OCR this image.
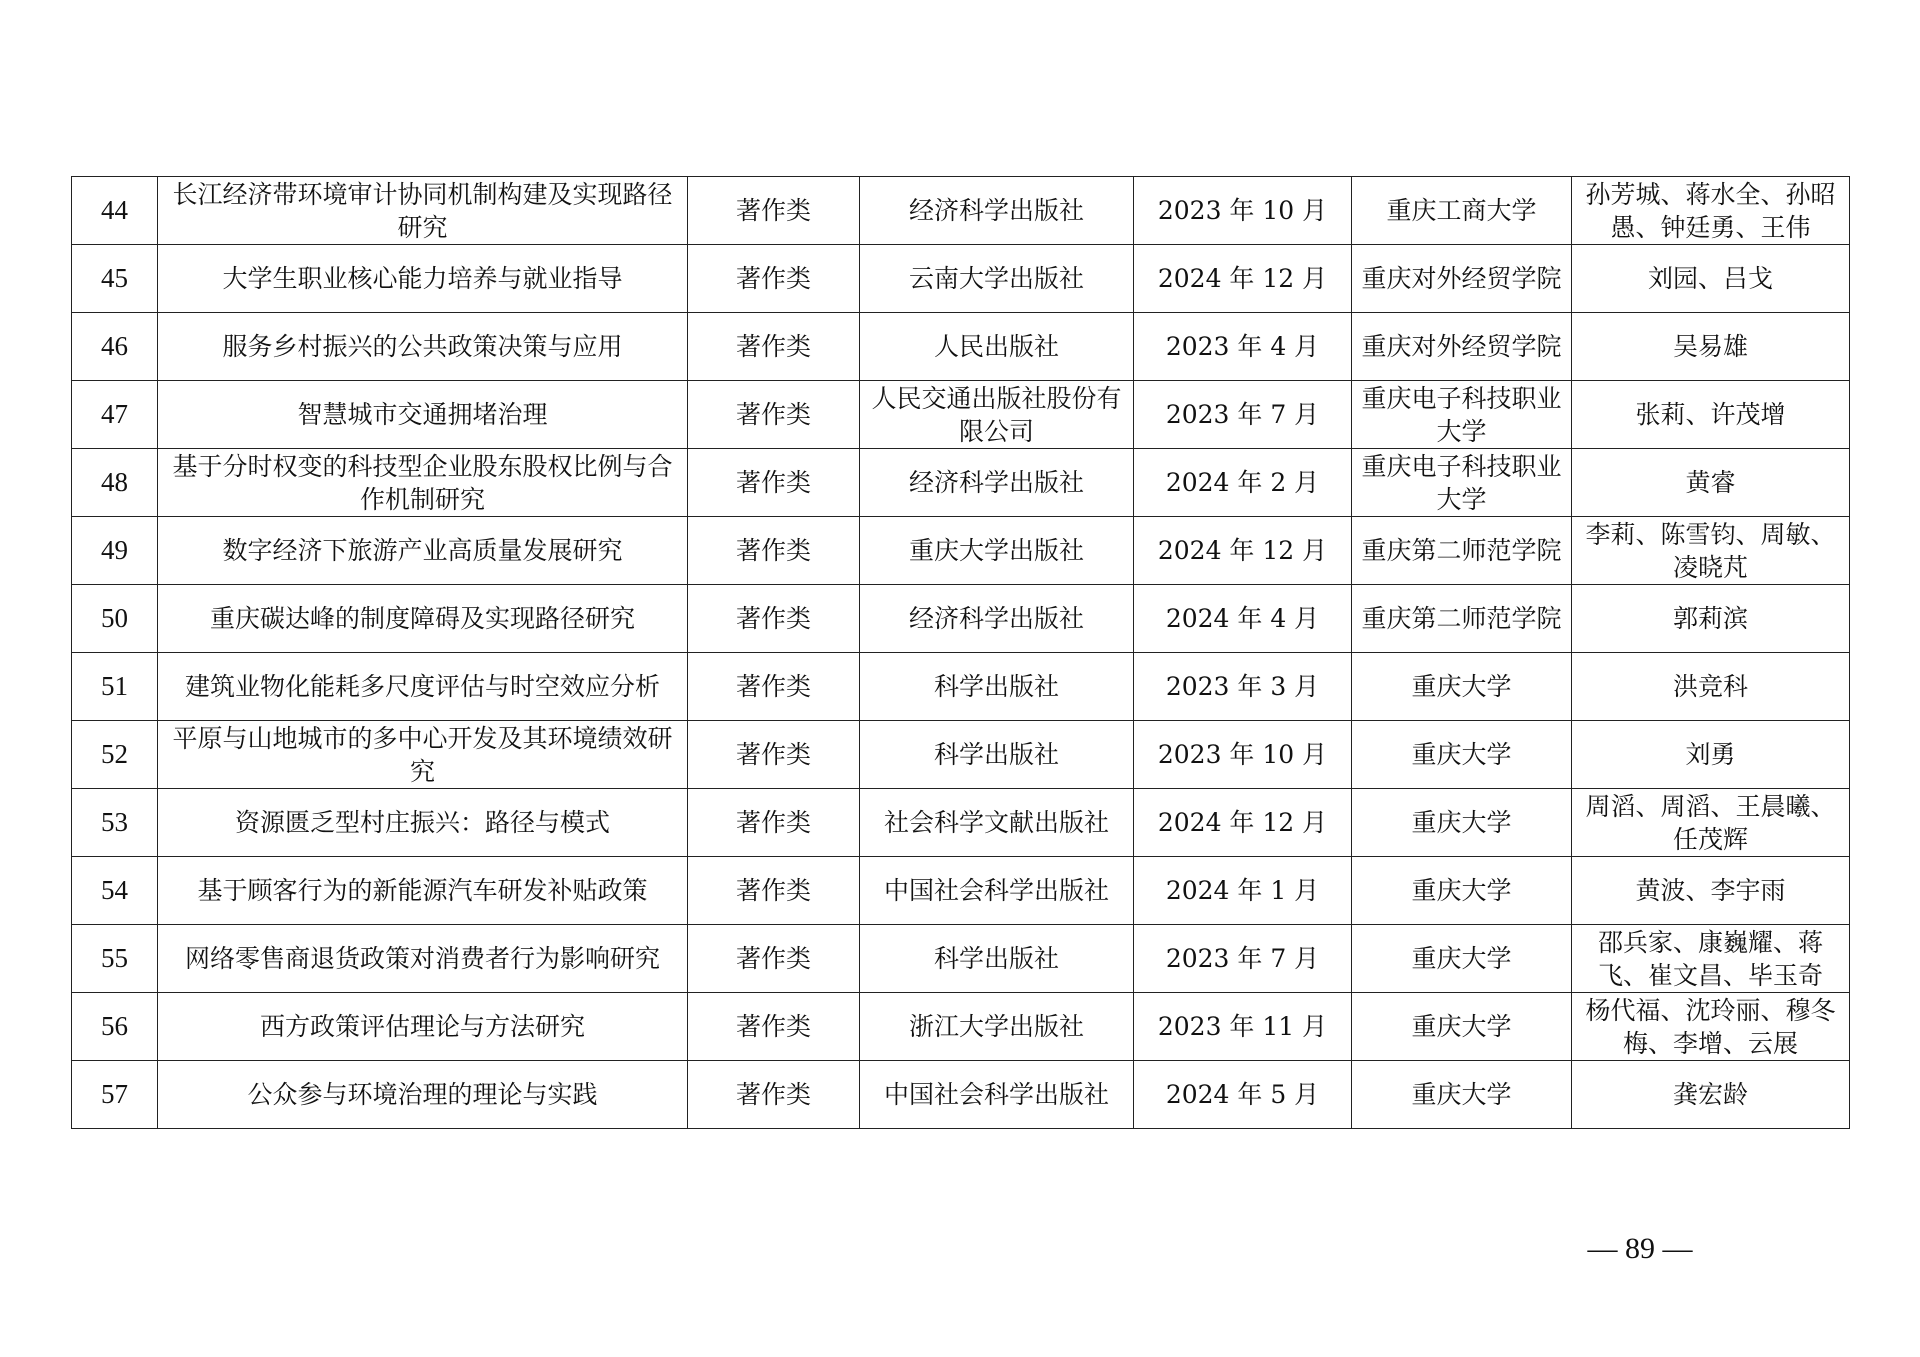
44	长江经济带环境审计协同机制构建及实现路径研究	著作类	经济科学出版社	2023 年 10 月	重庆工商大学	孙芳城、蒋水全、孙昭愚、钟廷勇、王伟
45	大学生职业核心能力培养与就业指导	著作类	云南大学出版社	2024 年 12 月	重庆对外经贸学院	刘园、吕戈
46	服务乡村振兴的公共政策决策与应用	著作类	人民出版社	2023 年 4 月	重庆对外经贸学院	吴易雄
47	智慧城市交通拥堵治理	著作类	人民交通出版社股份有限公司	2023 年 7 月	重庆电子科技职业大学	张莉、许茂增
48	基于分时权变的科技型企业股东股权比例与合作机制研究	著作类	经济科学出版社	2024 年 2 月	重庆电子科技职业大学	黄睿
49	数字经济下旅游产业高质量发展研究	著作类	重庆大学出版社	2024 年 12 月	重庆第二师范学院	李莉、陈雪钧、周敏、凌晓芃
50	重庆碳达峰的制度障碍及实现路径研究	著作类	经济科学出版社	2024 年 4 月	重庆第二师范学院	郭莉滨
51	建筑业物化能耗多尺度评估与时空效应分析	著作类	科学出版社	2023 年 3 月	重庆大学	洪竞科
52	平原与山地城市的多中心开发及其环境绩效研究	著作类	科学出版社	2023 年 10 月	重庆大学	刘勇
53	资源匮乏型村庄振兴：路径与模式	著作类	社会科学文献出版社	2024 年 12 月	重庆大学	周滔、周滔、王晨曦、任茂辉
54	基于顾客行为的新能源汽车研发补贴政策	著作类	中国社会科学出版社	2024 年 1 月	重庆大学	黄波、李宇雨
55	网络零售商退货政策对消费者行为影响研究	著作类	科学出版社	2023 年 7 月	重庆大学	邵兵家、康巍耀、蒋飞、崔文昌、毕玉奇
56	西方政策评估理论与方法研究	著作类	浙江大学出版社	2023 年 11 月	重庆大学	杨代福、沈玲丽、穆冬梅、李增、云展
57	公众参与环境治理的理论与实践	著作类	中国社会科学出版社	2024 年 5 月	重庆大学	龚宏龄
— 89 —
